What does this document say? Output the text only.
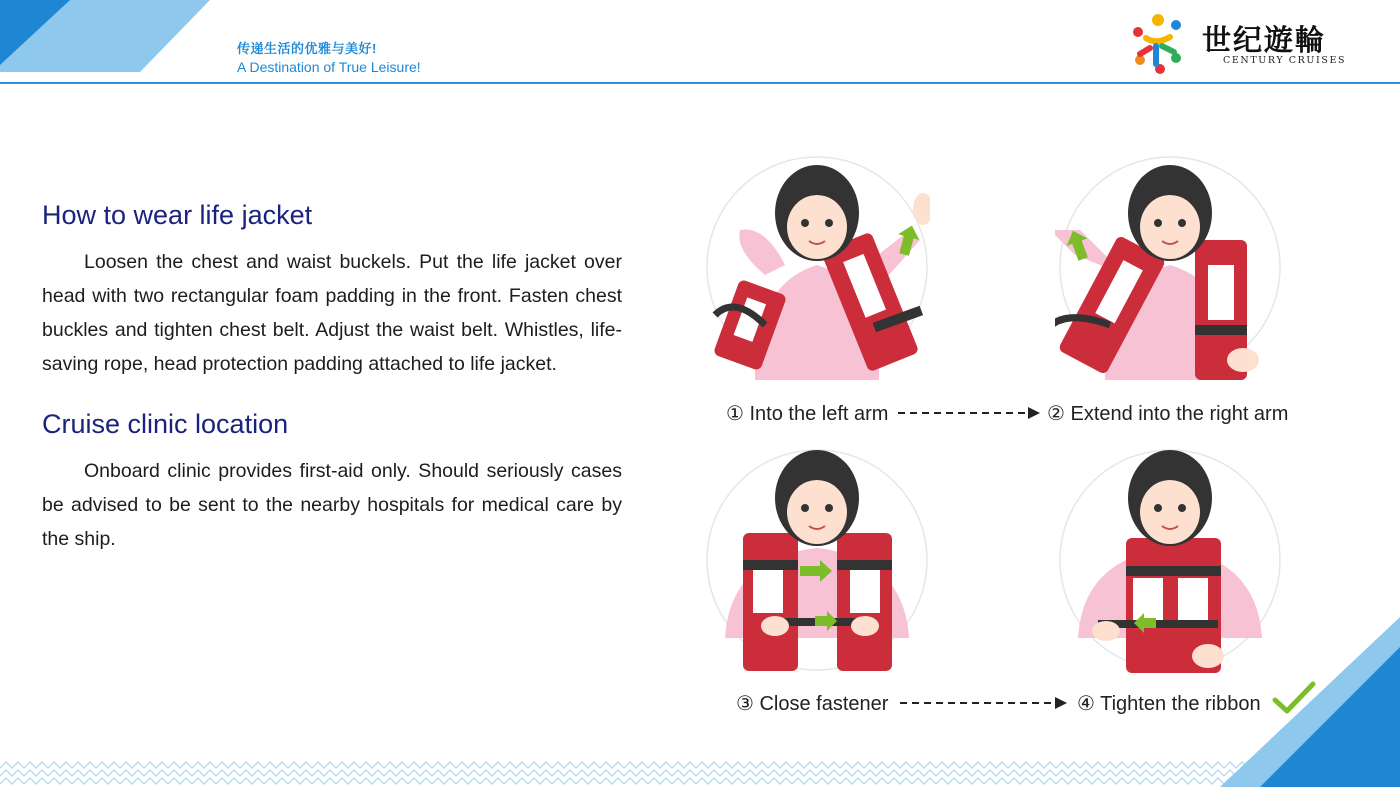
传递生活的优雅与美好!
A Destination of True Leisure!
世纪遊輪
CENTURY CRUISES
How to wear life jacket

Loosen the chest and waist buckels. Put the life jacket over head with two rectangular foam padding in the front. Fasten chest buckles and tighten chest belt. Adjust the waist belt. Whistles, life-saving rope, head protection padding attached to life jacket.

Cruise clinic location

Onboard clinic provides first-aid only. Should seriously cases be advised to be sent to the nearby hospitals for medical care by the ship.

① Into the left arm	② Extend into the right arm
③ Close fastener	④ Tighten the ribbon
